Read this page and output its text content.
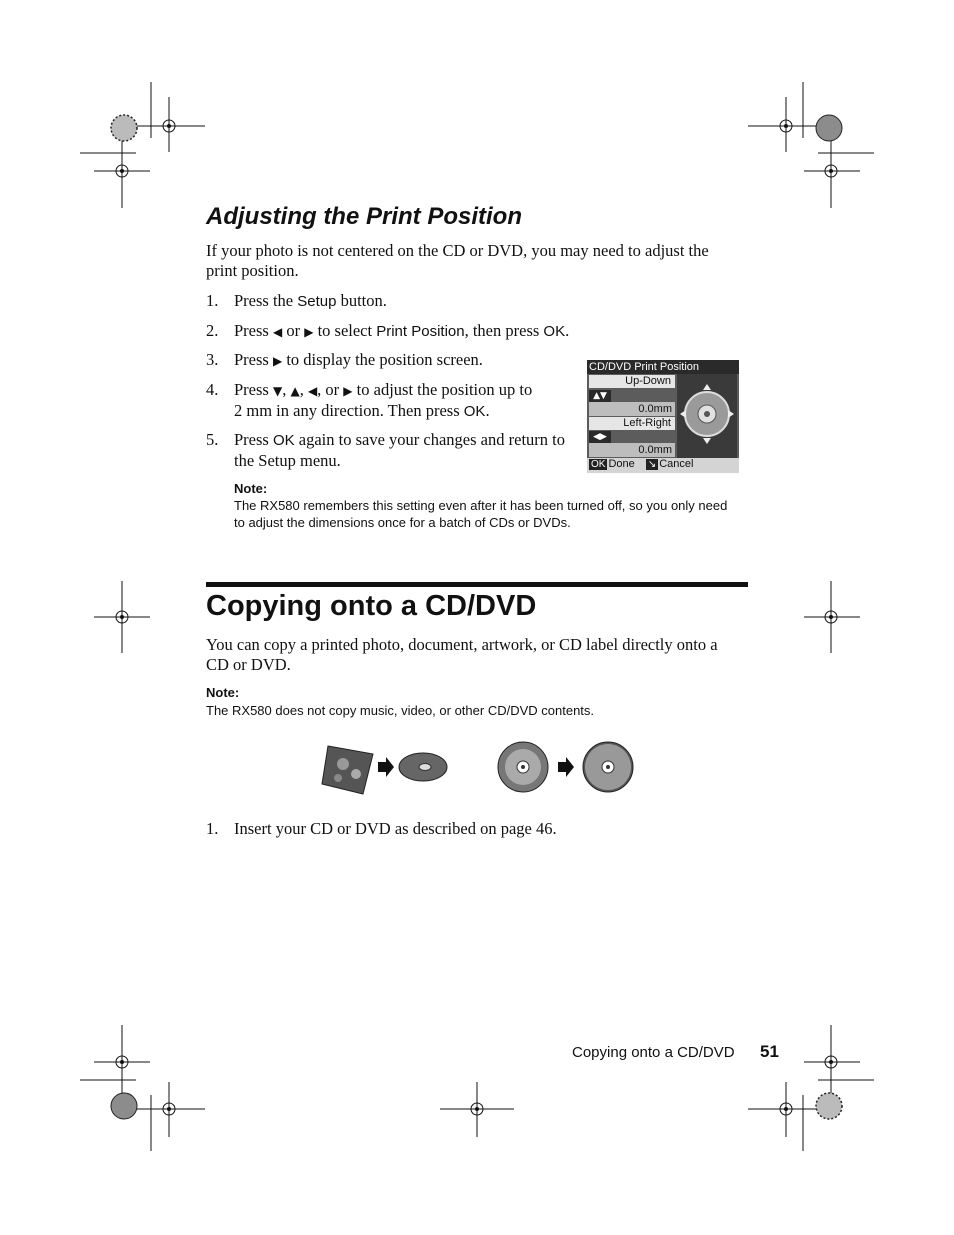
Adjusting the Print Position
If your photo is not centered on the CD or DVD, you may need to adjust the print position.
1. Press the Setup button.
2. Press ◀ or ▶ to select Print Position, then press OK.
3. Press ▶ to display the position screen.
4. Press ▼, ▲, ◀, or ▶ to adjust the position up to
2 mm in any direction. Then press OK.
5. Press OK again to save your changes and return to
the Setup menu.
Note:
The RX580 remembers this setting even after it has been turned off, so you only need to adjust the dimensions once for a batch of CDs or DVDs.
CD/DVD Print Position
Up-Down
▲▼
0.0mm
Left-Right
◀▶
0.0mm
OK Done ↘ Cancel
Copying onto a CD/DVD
You can copy a printed photo, document, artwork, or CD label directly onto a CD or DVD.
Note:
The RX580 does not copy music, video, or other CD/DVD contents.
1. Insert your CD or DVD as described on page 46.
Copying onto a CD/DVD 51
